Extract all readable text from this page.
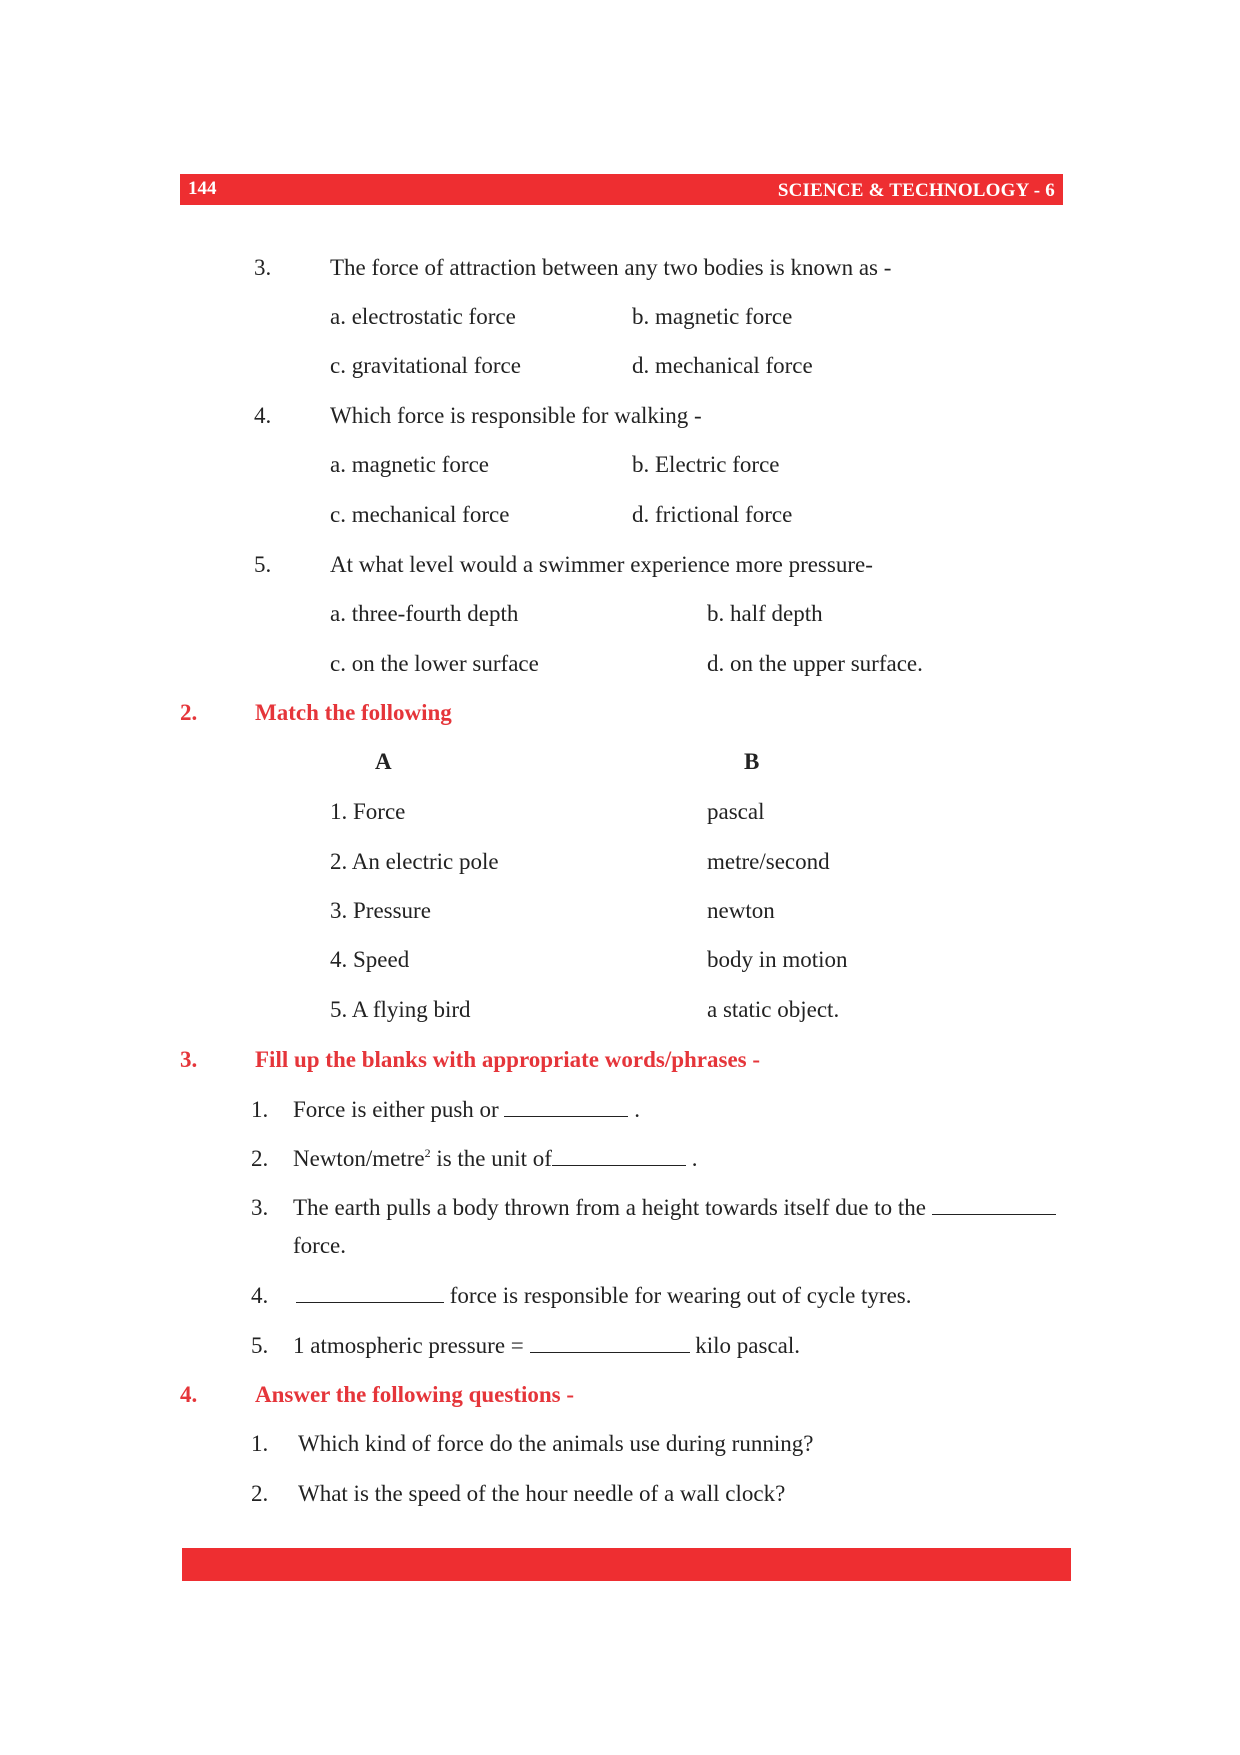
144	SCIENCE & TECHNOLOGY - 6
3.	The force of attraction between any two bodies is known as -
a. electrostatic force	b. magnetic force
c. gravitational force	d. mechanical force
4.	Which force is responsible for walking -
a. magnetic force	b. Electric force
c. mechanical force	d. frictional force
5.	At what level would a swimmer experience more pressure-
a. three-fourth depth	b. half depth
c. on the lower surface	d. on the upper surface.
2.	Match the following
A	B
1. Force	pascal
2. An electric pole	metre/second
3. Pressure	newton
4. Speed	body in motion
5. A flying bird	a static object.
3.	Fill up the blanks with appropriate words/phrases -
1. Force is either push or	.
2. Newton/metre$^2$ is the unit of	.
3. The earth pulls a body thrown from a height towards itself due to the
force.
4.	force is responsible for wearing out of cycle tyres.
5. 1 atmospheric pressure =	kilo pascal.
4.	Answer the following questions -
1. Which kind of force do the animals use during running?
2. What is the speed of the hour needle of a wall clock?
